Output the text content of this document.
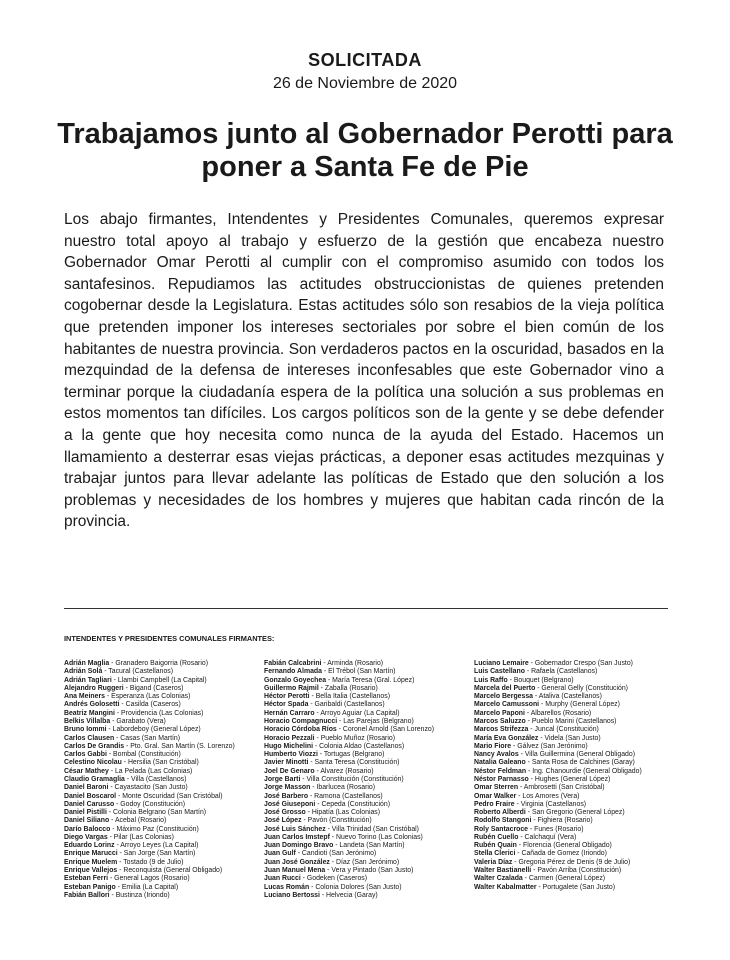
SOLICITADA
26 de Noviembre de 2020
Trabajamos junto al Gobernador Perotti para poner a Santa Fe de Pie

Los abajo firmantes, Intendentes y Presidentes Comunales, queremos expresar nuestro total apoyo al trabajo y esfuerzo de la gestión que encabeza nuestro Gobernador Omar Perotti al cumplir con el compromiso asumido con todos los santafesinos. Repudiamos las actitudes obstruccionistas de quienes pretenden cogobernar desde la Legislatura. Estas actitudes sólo son resabios de la vieja política que pretenden imponer los intereses sectoriales por sobre el bien común de los habitantes de nuestra provincia. Son verdaderos pactos en la oscuridad, basados en la mezquindad de la defensa de intereses inconfesables que este Gobernador vino a terminar porque la ciudadanía espera de la política una solución a sus problemas en estos momentos tan difíciles. Los cargos políticos son de la gente y se debe defender a la gente que hoy necesita como nunca de la ayuda del Estado. Hacemos un llamamiento a desterrar esas viejas prácticas, a deponer esas actitudes mezquinas y trabajar juntos para llevar adelante las políticas de Estado que den solución a los problemas y necesidades de los hombres y mujeres que habitan cada rincón de la provincia.

INTENDENTES Y PRESIDENTES COMUNALES FIRMANTES:

Adrián Maglia - Granadero Baigorria (Rosario)
Adrián Solá - Tacural (Castellanos)
Adrián Tagliari - Llambi Campbell (La Capital)
Alejandro Ruggeri - Bigand (Caseros)
Ana Meiners - Esperanza (Las Colonias)
Andrés Golosetti - Casilda (Caseros)
Beatriz Mangini - Providencia (Las Colonias)
Belkis Villalba - Garabato (Vera)
Bruno Iommi - Labordeboy (General López)
Carlos Clausen - Casas (San Martín)
Carlos De Grandis - Pto. Gral. San Martín (S. Lorenzo)
Carlos Gabbi - Bombal (Constitución)
Celestino Nicolau - Hersilia (San Cristóbal)
César Mathey - La Pelada (Las Colonias)
Claudio Gramaglia - Villa (Castellanos)
Daniel Baroni - Cayastacito (San Justo)
Daniel Boscarol - Monte Oscuridad (San Cristóbal)
Daniel Carusso - Godoy (Constitución)
Daniel Pistilli - Colonia Belgrano (San Martín)
Daniel Siliano - Acebal (Rosario)
Darío Balocco - Máximo Paz (Constitución)
Diego Vargas - Pilar (Las Colonias)
Eduardo Lorinz - Arroyo Leyes (La Capital)
Enrique Marucci - San Jorge (San Martín)
Enrique Muelem - Tostado (9 de Julio)
Enrique Vallejos - Reconquista (General Obligado)
Esteban Ferri - General Lagos (Rosario)
Esteban Panigo - Emilia (La Capital)
Fabián Ballori - Bustinza (Iriondo)
Fabián Calcabrini - Arminda (Rosario)
Fernando Almada - El Trébol (San Martín)
Gonzalo Goyechea - María Teresa (Gral. López)
Guillermo Rajmil - Zaballa (Rosario)
Héctor Perotti - Bella Italia (Castellanos)
Héctor Spada - Garibaldi (Castellanos)
Hernán Carraro - Arroyo Aguiar (La Capital)
Horacio Compagnucci - Las Parejas (Belgrano)
Horacio Córdoba Ríos - Coronel Arnold (San Lorenzo)
Horacio Pezzali - Pueblo Muñoz (Rosario)
Hugo Michelini - Colonia Aldao (Castellanos)
Humberto Viozzi - Tortugas (Belgrano)
Javier Minotti - Santa Teresa (Constitución)
Joel De Genaro - Alvarez (Rosario)
Jorge Barti - Villa Constitución (Constitución)
Jorge Masson - Ibarlucea (Rosario)
José Barbero - Ramona (Castellanos)
José Giuseponi - Cepeda (Constitución)
José Grosso - Hipatía (Las Colonias)
José López - Pavón (Constitución)
José Luis Sánchez - Villa Trinidad (San Cristóbal)
Juan Carlos Imstepf - Nuevo Torino (Las Colonias)
Juan Domingo Bravo - Landeta (San Martín)
Juan Gulf - Candioti (San Jerónimo)
Juan José González - Díaz (San Jerónimo)
Juan Manuel Mena - Vera y Pintado (San Justo)
Juan Rucci - Godeken (Caseros)
Lucas Román - Colonia Dolores (San Justo)
Luciano Bertossi - Helvecia (Garay)
Luciano Lemaire - Gobernador Crespo (San Justo)
Luis Castellano - Rafaela (Castellanos)
Luis Raffo - Bouquet (Belgrano)
Marcela del Puerto - General Gelly (Constitución)
Marcelo Bergessa - Ataliva (Castellanos)
Marcelo Camussoni - Murphy (General López)
Marcelo Paponi - Albarellos (Rosario)
Marcos Saluzzo - Pueblo Marini (Castellanos)
Marcos Strifezza - Juncal (Constitución)
María Eva González - Videla (San Justo)
Mario Fiore - Gálvez (San Jerónimo)
Nancy Avalos - Villa Guillermina (General Obligado)
Natalia Galeano - Santa Rosa de Calchines (Garay)
Néstor Feldman - Ing. Chanourdie (General Obligado)
Néstor Parnasso - Hughes (General López)
Omar Sterren - Ambrosetti (San Cristóbal)
Omar Walker - Los Amores (Vera)
Pedro Fraire - Virginia (Castellanos)
Roberto Alberdi - San Gregorio (General López)
Rodolfo Stangoni - Fighiera (Rosario)
Roly Santacroce - Funes (Rosario)
Rubén Cuello - Calchaquí (Vera)
Rubén Quain - Florencia (General Obligado)
Stella Clerici - Cañada de Gomez (Iriondo)
Valeria Díaz - Gregoria Pérez de Denis (9 de Julio)
Walter Bastianelli - Pavón Arriba (Constitución)
Walter Czalada - Carmen (General López)
Walter Kabalmatter - Portugalete (San Justo)
